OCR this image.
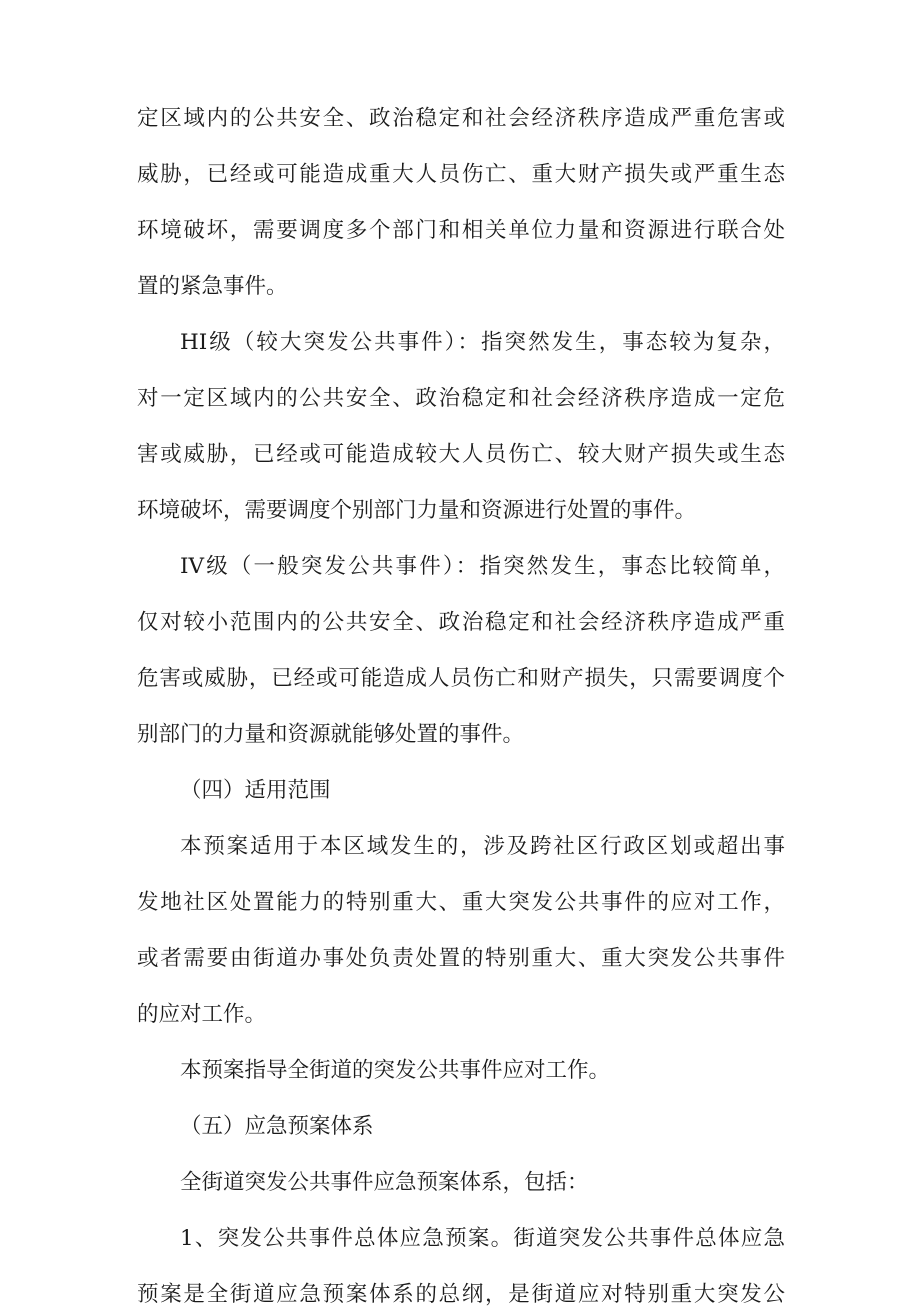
定区域内的公共安全、政治稳定和社会经济秩序造成严重危害或
威胁，已经或可能造成重大人员伤亡、重大财产损失或严重生态
环境破坏，需要调度多个部门和相关单位力量和资源进行联合处
置的紧急事件。
HI级（较大突发公共事件）：指突然发生，事态较为复杂，
对一定区域内的公共安全、政治稳定和社会经济秩序造成一定危
害或威胁，已经或可能造成较大人员伤亡、较大财产损失或生态
环境破坏，需要调度个别部门力量和资源进行处置的事件。
IV级（一般突发公共事件）：指突然发生，事态比较简单，
仅对较小范围内的公共安全、政治稳定和社会经济秩序造成严重
危害或威胁，已经或可能造成人员伤亡和财产损失，只需要调度个
别部门的力量和资源就能够处置的事件。
（四）适用范围
本预案适用于本区域发生的，涉及跨社区行政区划或超出事
发地社区处置能力的特别重大、重大突发公共事件的应对工作，
或者需要由街道办事处负责处置的特别重大、重大突发公共事件
的应对工作。
本预案指导全街道的突发公共事件应对工作。
（五）应急预案体系
全街道突发公共事件应急预案体系，包括：
1、突发公共事件总体应急预案。街道突发公共事件总体应急
预案是全街道应急预案体系的总纲，是街道应对特别重大突发公
